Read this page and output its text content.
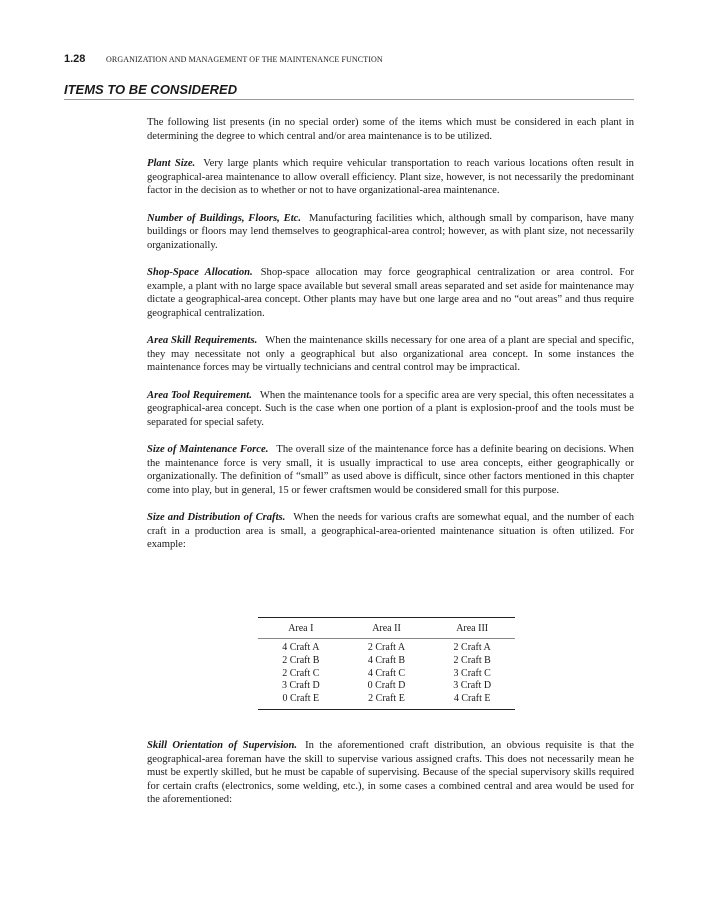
1.28	ORGANIZATION AND MANAGEMENT OF THE MAINTENANCE FUNCTION
ITEMS TO BE CONSIDERED

The following list presents (in no special order) some of the items which must be considered in each plant in determining the degree to which central and/or area maintenance is to be utilized.

Plant Size. Very large plants which require vehicular transportation to reach various locations often result in geographical-area maintenance to allow overall efficiency. Plant size, however, is not necessarily the predominant factor in the decision as to whether or not to have organizational-area maintenance.

Number of Buildings, Floors, Etc. Manufacturing facilities which, although small by comparison, have many buildings or floors may lend themselves to geographical-area control; however, as with plant size, not necessarily organizationally.

Shop-Space Allocation. Shop-space allocation may force geographical centralization or area control. For example, a plant with no large space available but several small areas separated and set aside for maintenance may dictate a geographical-area concept. Other plants may have but one large area and no “out areas” and thus require geographical centralization.

Area Skill Requirements. When the maintenance skills necessary for one area of a plant are special and specific, they may necessitate not only a geographical but also organizational area concept. In some instances the maintenance forces may be virtually technicians and central control may be impractical.

Area Tool Requirement. When the maintenance tools for a specific area are very special, this often necessitates a geographical-area concept. Such is the case when one portion of a plant is explosion-proof and the tools must be separated for special safety.

Size of Maintenance Force. The overall size of the maintenance force has a definite bearing on decisions. When the maintenance force is very small, it is usually impractical to use area concepts, either geographically or organizationally. The definition of “small” as used above is difficult, since other factors mentioned in this chapter come into play, but in general, 15 or fewer craftsmen would be considered small for this purpose.

Size and Distribution of Crafts. When the needs for various crafts are somewhat equal, and the number of each craft in a production area is small, a geographical-area-oriented maintenance situation is often utilized. For example:

Area I	Area II	Area III
4 Craft A	2 Craft A	2 Craft A
2 Craft B	4 Craft B	2 Craft B
2 Craft C	4 Craft C	3 Craft C
3 Craft D	0 Craft D	3 Craft D
0 Craft E	2 Craft E	4 Craft E

Skill Orientation of Supervision. In the aforementioned craft distribution, an obvious requisite is that the geographical-area foreman have the skill to supervise various assigned crafts. This does not necessarily mean he must be expertly skilled, but he must be capable of supervising. Because of the special supervisory skills required for certain crafts (electronics, some welding, etc.), in some cases a combined central and area would be used for the aforementioned:
